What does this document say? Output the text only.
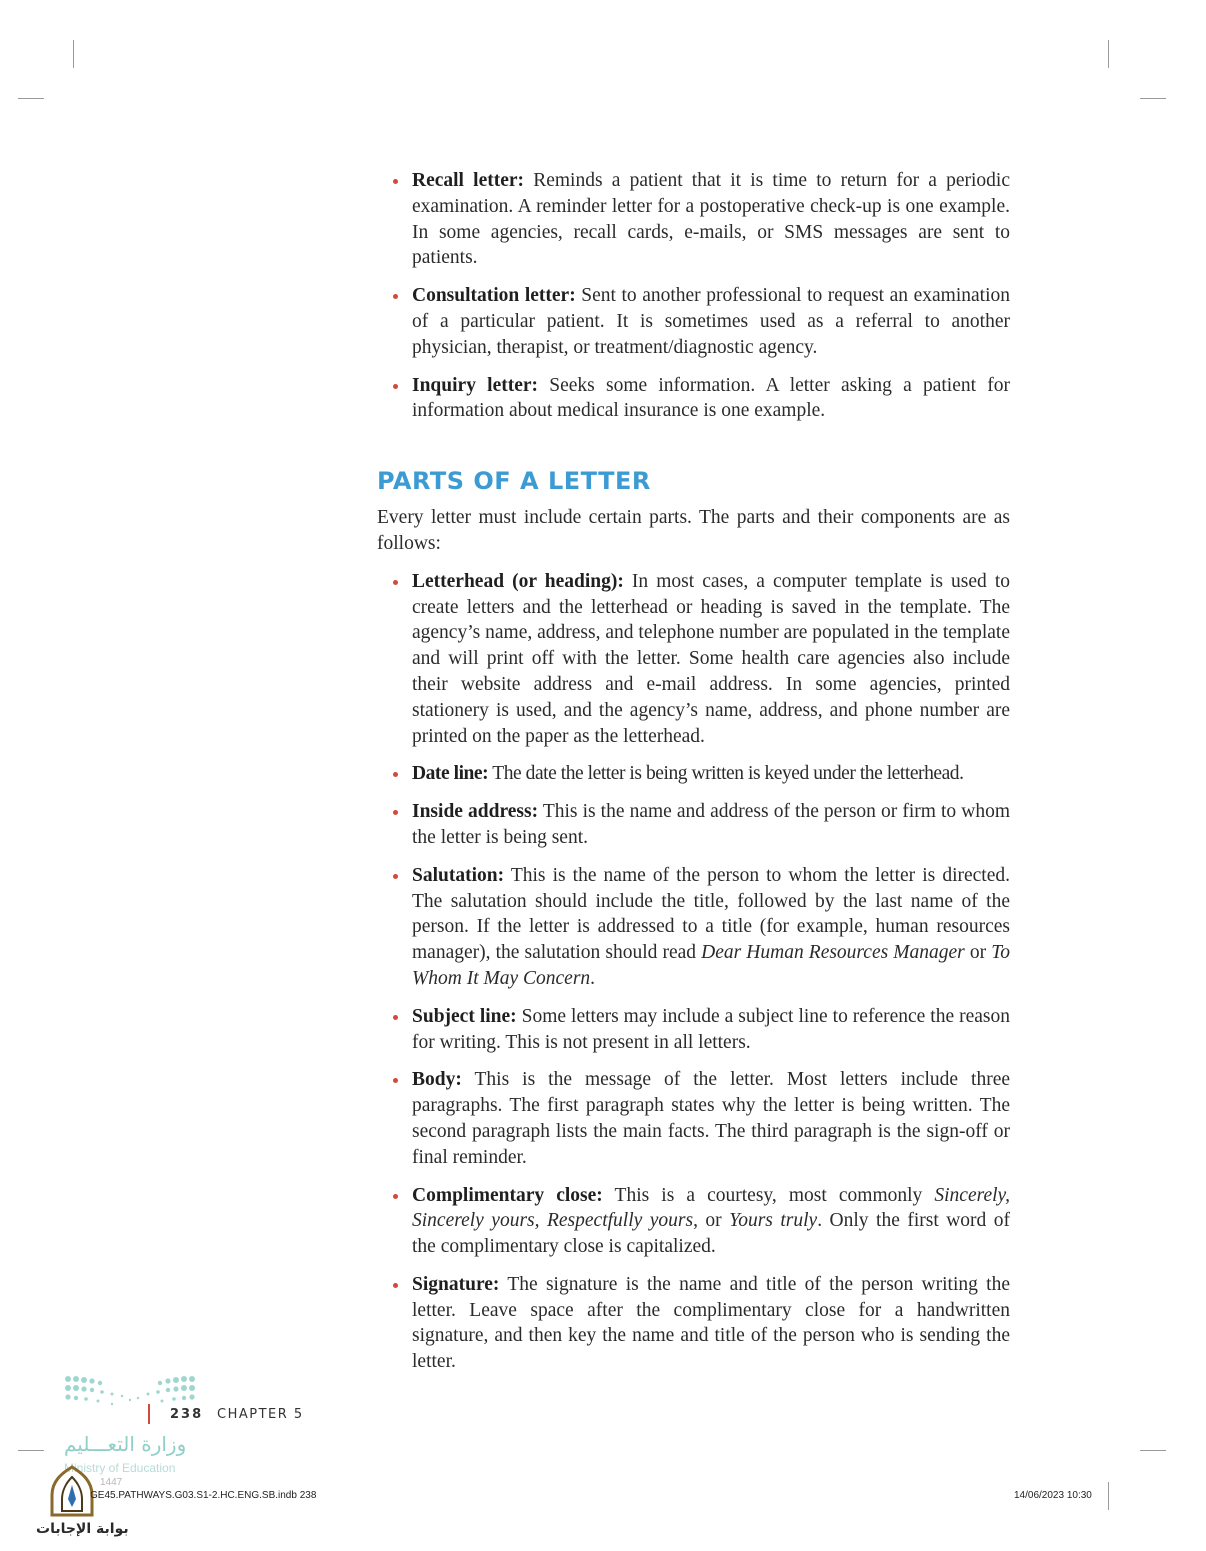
Recall letter: Reminds a patient that it is time to return for a periodic examination. A reminder letter for a postoperative check-up is one example. In some agencies, recall cards, e-mails, or SMS messages are sent to patients.
Consultation letter: Sent to another professional to request an examination of a particular patient. It is sometimes used as a referral to another physician, therapist, or treatment/diagnostic agency.
Inquiry letter: Seeks some information. A letter asking a patient for information about medical insurance is one example.
PARTS OF A LETTER

Every letter must include certain parts. The parts and their components are as follows:

Letterhead (or heading): In most cases, a computer template is used to create letters and the letterhead or heading is saved in the template. The agency’s name, address, and telephone number are populated in the template and will print off with the letter. Some health care agencies also include their website address and e-mail address. In some agencies, printed stationery is used, and the agency’s name, address, and phone number are printed on the paper as the letterhead.
Date line: The date the letter is being written is keyed under the letterhead.
Inside address: This is the name and address of the person or firm to whom the letter is being sent.
Salutation: This is the name of the person to whom the letter is directed. The salutation should include the title, followed by the last name of the person. If the letter is addressed to a title (for example, human resources manager), the salutation should read Dear Human Resources Manager or To Whom It May Concern.
Subject line: Some letters may include a subject line to reference the reason for writing. This is not present in all letters.
Body: This is the message of the letter. Most letters include three paragraphs. The first paragraph states why the letter is being written. The second paragraph lists the main facts. The third paragraph is the sign-off or final reminder.
Complimentary close: This is a courtesy, most commonly Sincerely, Sincerely yours, Respectfully yours, or Yours truly. Only the first word of the complimentary close is capitalized.
Signature: The signature is the name and title of the person writing the letter. Leave space after the complimentary close for a handwritten signature, and then key the name and title of the person who is sending the letter.
238 CHAPTER 5
وزارة التعـــليم
Ministry of Education
1447
GE45.PATHWAYS.G03.S1-2.HC.ENG.SB.indb 238	14/06/2023 10:30
بوابة الإجابات
